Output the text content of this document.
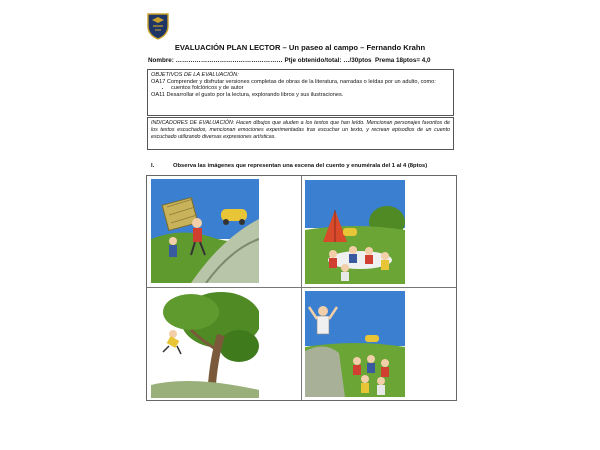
EVALUACIÓN PLAN LECTOR – Un paseo al campo – Fernando Krahn
Nombre: …………………………………………… Ptje obtenido/total: …/30ptos Prema 18ptos= 4,0
OBJETIVOS DE LA EVALUACIÓN:
OA17 Comprender y disfrutar versiones completas de obras de la literatura, narradas o leídas por un adulto, como:
• cuentos folclóricos y de autor
OA11 Desarrollar el gusto por la lectura, explorando libros y sus ilustraciones.
INDICADORES DE EVALUACIÓN: Hacen dibujos que aluden a los textos que han leído. Mencionan personajes favoritos de los textos escuchados, mencionan emociones experimentadas tras escuchar un texto, y recrean episodios de un cuento escuchado utilizando diversas expresiones artísticas.
I.	Observa las imágenes que representan una escena del cuento y enumérala del 1 al 4 (8ptos)
